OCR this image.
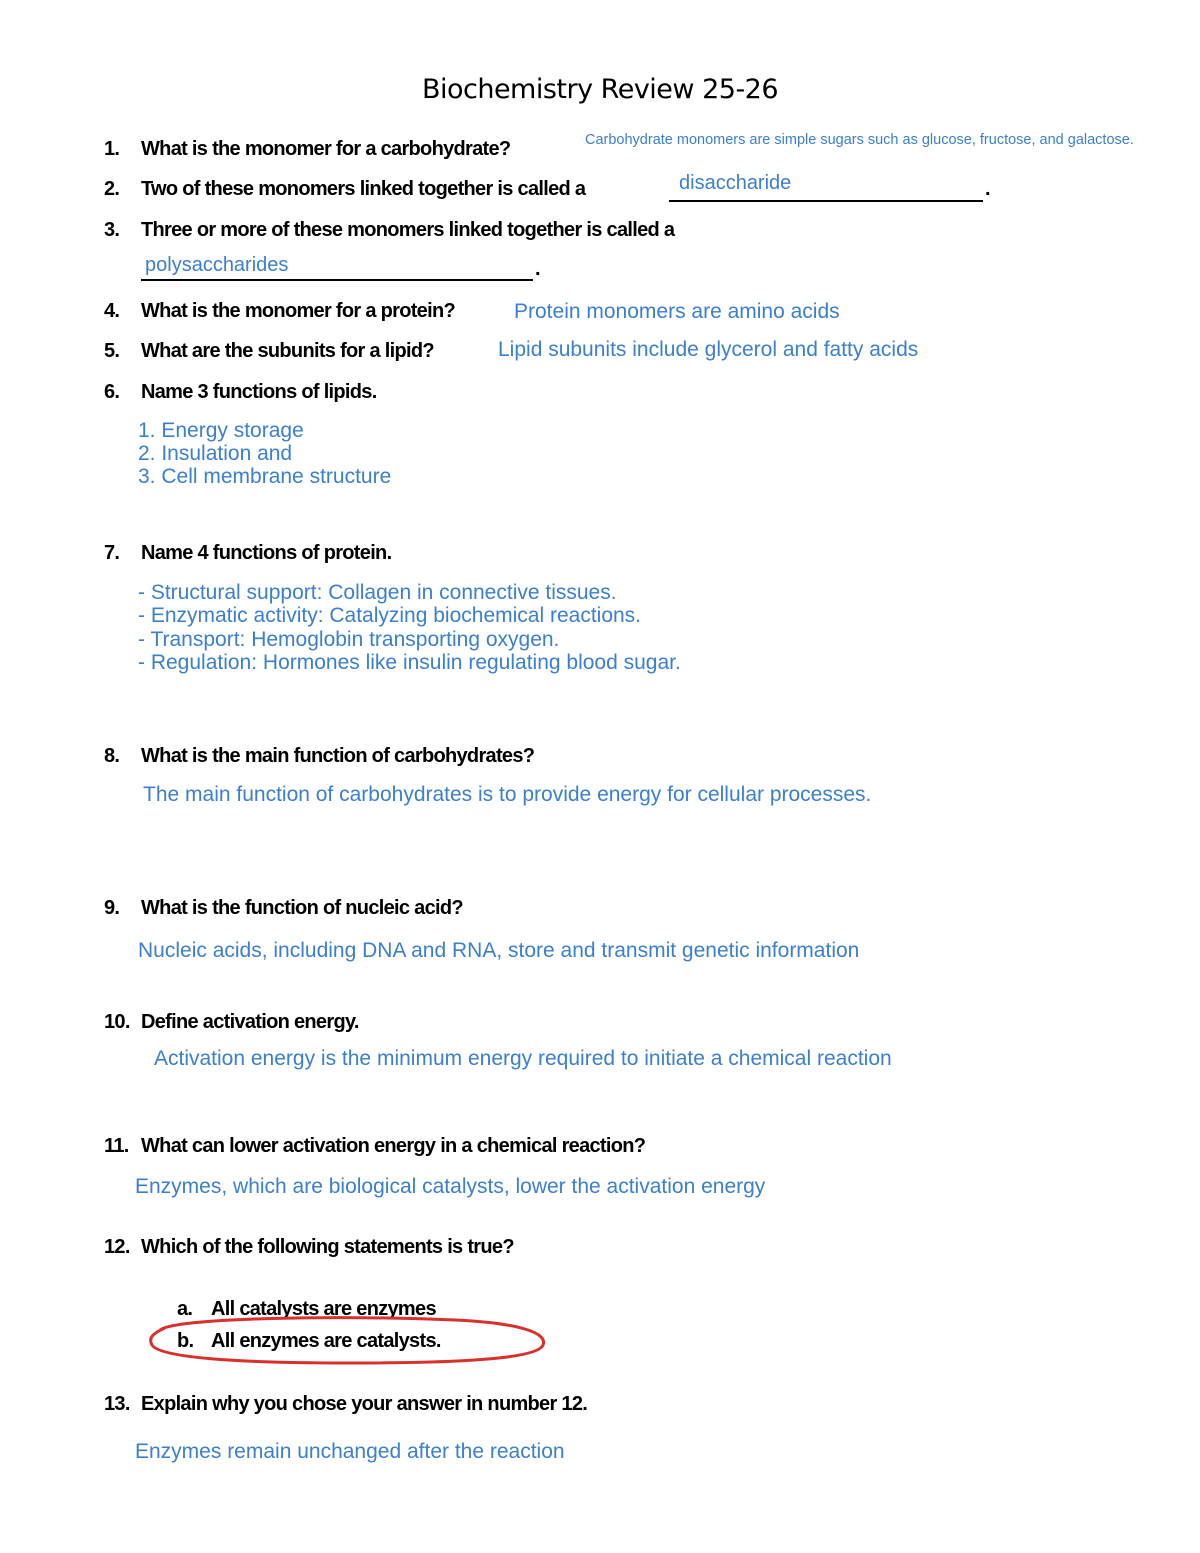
Biochemistry Review 25-26
1. What is the monomer for a carbohydrate?	Carbohydrate monomers are simple sugars such as glucose, fructose, and galactose.
2. Two of these monomers linked together is called a	.
disaccharide
3. Three or more of these monomers linked together is called a
polysaccharides	.
4. What is the monomer for a protein?	Protein monomers are amino acids
5. What are the subunits for a lipid?	Lipid subunits include glycerol and fatty acids
6. Name 3 functions of lipids.
1. Energy storage
2. Insulation and
3. Cell membrane structure
7. Name 4 functions of protein.
- Structural support: Collagen in connective tissues.
- Enzymatic activity: Catalyzing biochemical reactions.
- Transport: Hemoglobin transporting oxygen.
- Regulation: Hormones like insulin regulating blood sugar.
8. What is the main function of carbohydrates?
The main function of carbohydrates is to provide energy for cellular processes.
9. What is the function of nucleic acid?
Nucleic acids, including DNA and RNA, store and transmit genetic information
10. Define activation energy.
Activation energy is the minimum energy required to initiate a chemical reaction
11. What can lower activation energy in a chemical reaction?
Enzymes, which are biological catalysts, lower the activation energy
12. Which of the following statements is true?
a. All catalysts are enzymes
b. All enzymes are catalysts.
13. Explain why you chose your answer in number 12.
Enzymes remain unchanged after the reaction
